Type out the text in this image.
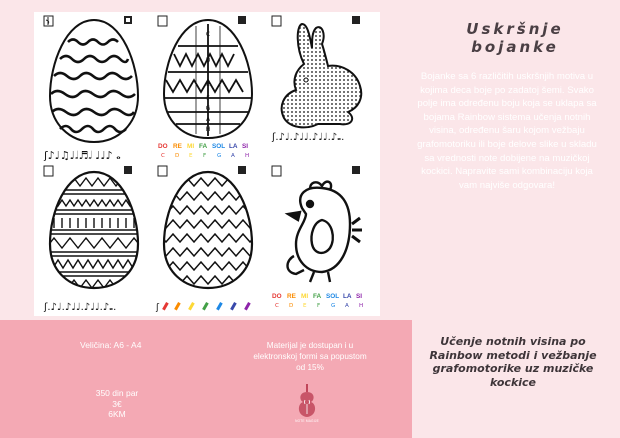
ʃ♪♩♫♩𝅗𝅥♬𝅗𝅥 ♩♩♪ 𝅝
C
D
E
F
G
A
H
DO RE MI FA SOL LA SI
C D E F G A H
ʃ.♪♩.♪♩♩.♪♩♩.♪𝅝.
ʃ.♪♩.♪♩♩.♪♩♩.♪𝅝.	ʃ
DO RE MI FA SOL LA SI
C D E F G A H
Uskršnje bojanke
Bojanke sa 6 različitih uskršnjih motiva u kojima deca boje po zadatoj šemi. Svako polje ima određenu boju koja se uklapa sa bojama Rainbow sistema učenja notnih visina, određenu šaru kojom vežbaju grafomotoriku ili boje delove slike u skladu sa vrednosti note dobijene na muzičkoj kockici. Napravite sami kombinaciju koja vam najviše odgovara!
Veličina: A6 - A4
350 din par
3€
6KM
Materijal je dostupan i u elektronskoj formi sa popustom od 15%
NOTE MAGIJE
Učenje notnih visina po Rainbow metodi i vežbanje grafomotorike uz muzičke kockice
